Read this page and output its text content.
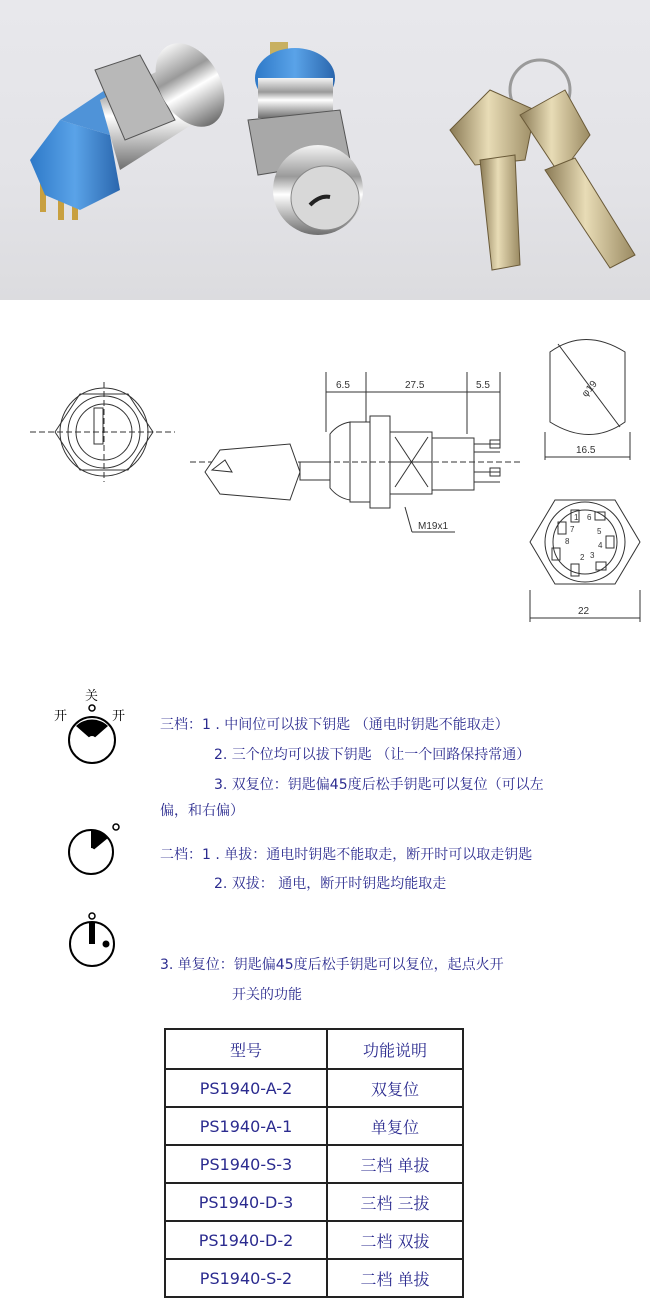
6.5	27.5	5.5
M19x1
φ19
16.5
22
1 6
5
4
3
2
8
7
关
开	开
三档：1 . 中间位可以拔下钥匙 （通电时钥匙不能取走）
2. 三个位均可以拔下钥匙 （让一个回路保持常通）
3. 双复位：钥匙偏45度后松手钥匙可以复位（可以左
偏，和右偏）
二档：1 . 单拔：通电时钥匙不能取走，断开时可以取走钥匙
2. 双拔： 通电，断开时钥匙均能取走
3. 单复位：钥匙偏45度后松手钥匙可以复位，起点火开
开关的功能
型号	功能说明
PS1940-A-2	双复位
PS1940-A-1	单复位
PS1940-S-3	三档 单拔
PS1940-D-3	三档 三拔
PS1940-D-2	二档 双拔
PS1940-S-2	二档 单拔
